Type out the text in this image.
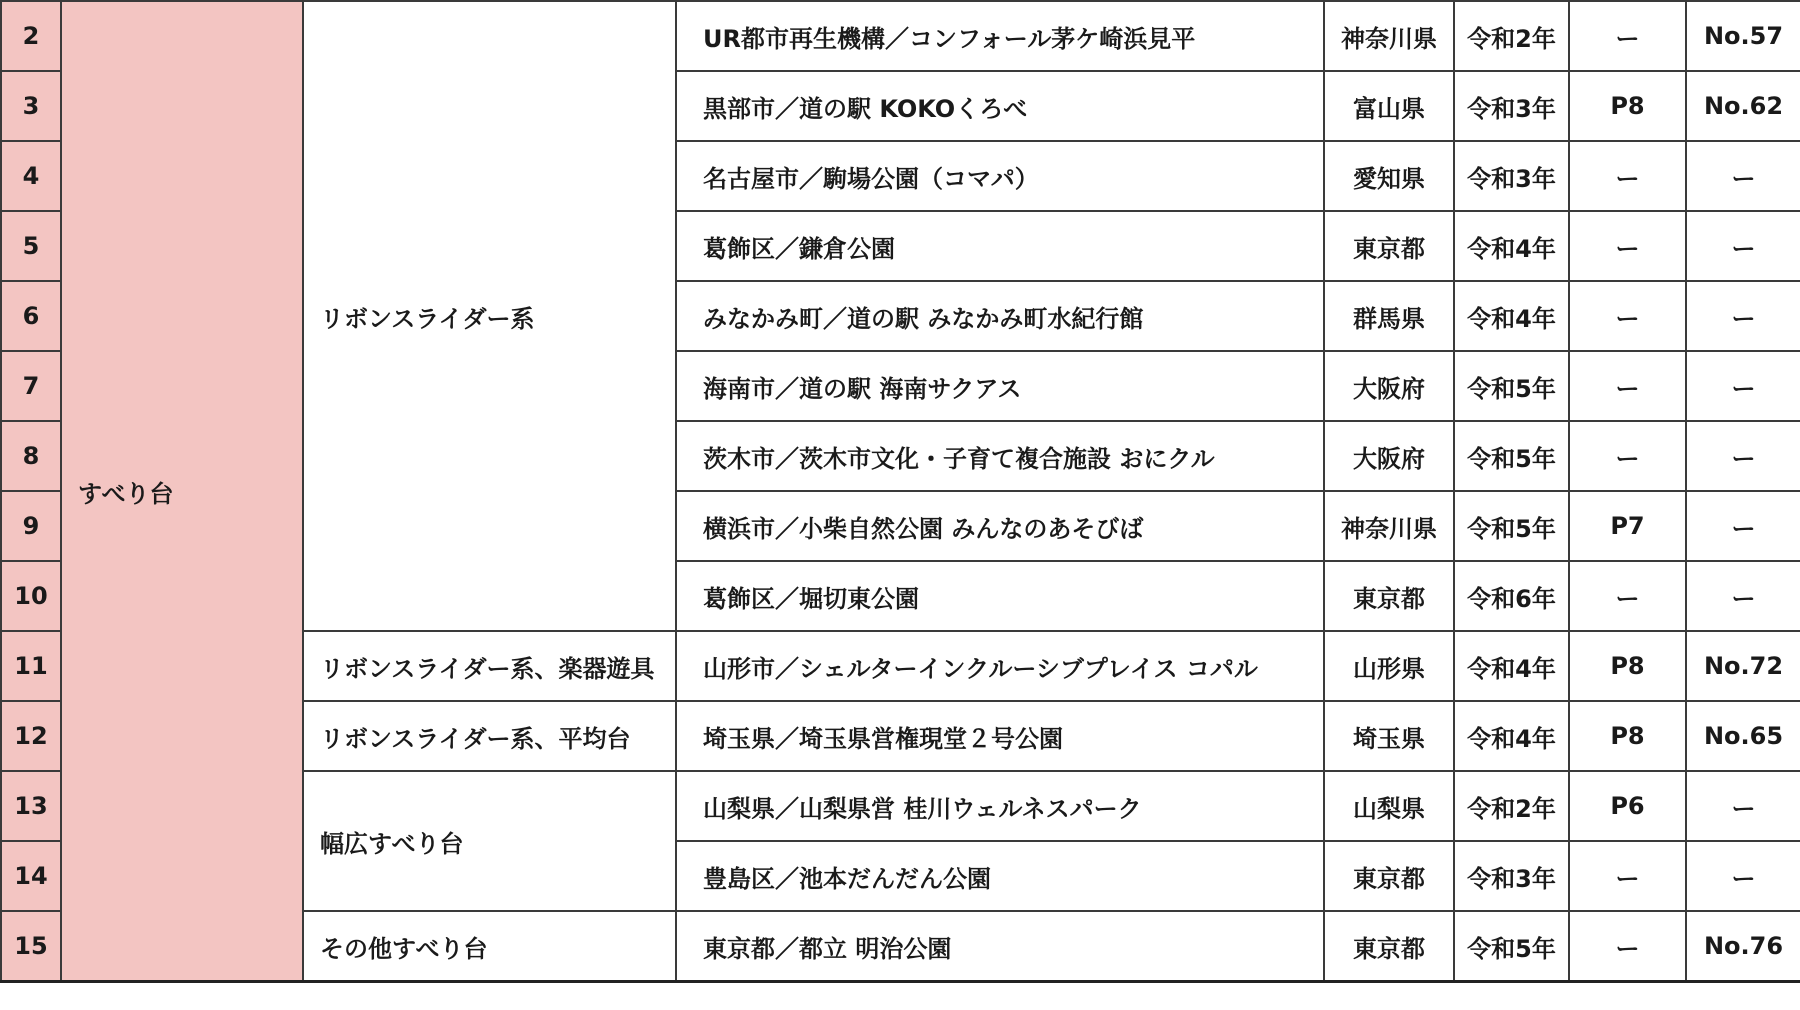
2	すべり台	リボンスライダー系	UR都市再生機構／コンフォール茅ケ崎浜見平	神奈川県	令和2年	ー	No.57
3			黒部市／道の駅 KOKOくろべ	富山県	令和3年	P8	No.62
4			名古屋市／駒場公園（コマパ）	愛知県	令和3年	ー	ー
5			葛飾区／鎌倉公園	東京都	令和4年	ー	ー
6			みなかみ町／道の駅 みなかみ町水紀行館	群馬県	令和4年	ー	ー
7			海南市／道の駅 海南サクアス	大阪府	令和5年	ー	ー
8			茨木市／茨木市文化・子育て複合施設 おにクル	大阪府	令和5年	ー	ー
9			横浜市／小柴自然公園 みんなのあそびば	神奈川県	令和5年	P7	ー
10			葛飾区／堀切東公園	東京都	令和6年	ー	ー
11		リボンスライダー系、楽器遊具	山形市／シェルターインクルーシブプレイス コパル	山形県	令和4年	P8	No.72
12		リボンスライダー系、平均台	埼玉県／埼玉県営権現堂２号公園	埼玉県	令和4年	P8	No.65
13		幅広すべり台	山梨県／山梨県営 桂川ウェルネスパーク	山梨県	令和2年	P6	ー
14			豊島区／池本だんだん公園	東京都	令和3年	ー	ー
15		その他すべり台	東京都／都立 明治公園	東京都	令和5年	ー	No.76
